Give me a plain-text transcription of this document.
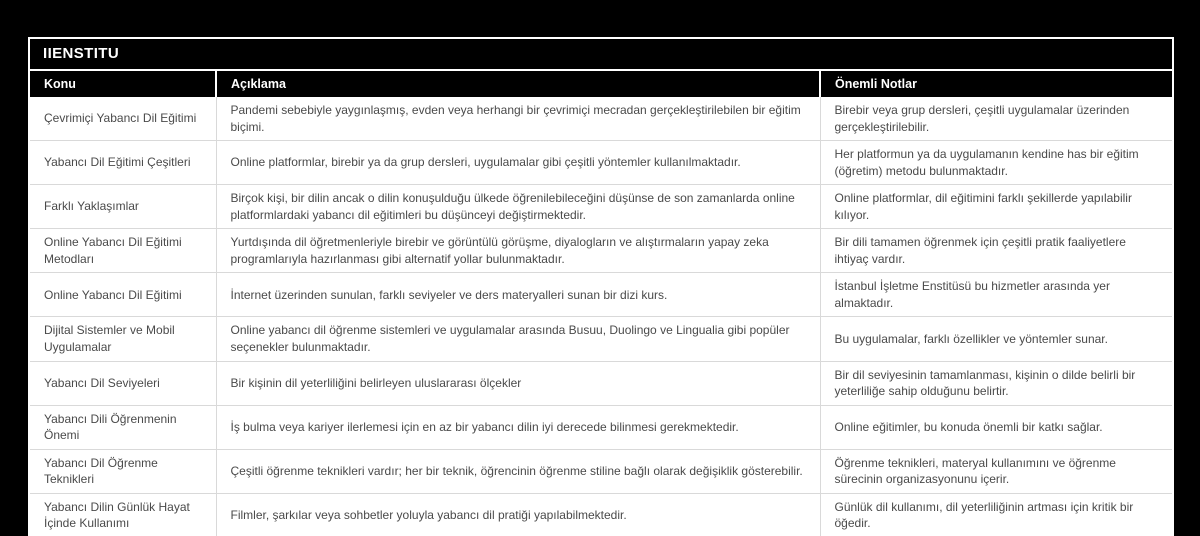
IIENSTITU
Konu	Açıklama	Önemli Notlar
Çevrimiçi Yabancı Dil Eğitimi	Pandemi sebebiyle yaygınlaşmış, evden veya herhangi bir çevrimiçi mecradan gerçekleştirilebilen bir eğitim biçimi.	Birebir veya grup dersleri, çeşitli uygulamalar üzerinden gerçekleştirilebilir.
Yabancı Dil Eğitimi Çeşitleri	Online platformlar, birebir ya da grup dersleri, uygulamalar gibi çeşitli yöntemler kullanılmaktadır.	Her platformun ya da uygulamanın kendine has bir eğitim (öğretim) metodu bulunmaktadır.
Farklı Yaklaşımlar	Birçok kişi, bir dilin ancak o dilin konuşulduğu ülkede öğrenilebileceğini düşünse de son zamanlarda online platformlardaki yabancı dil eğitimleri bu düşünceyi değiştirmektedir.	Online platformlar, dil eğitimini farklı şekillerde yapılabilir kılıyor.
Online Yabancı Dil Eğitimi Metodları	Yurtdışında dil öğretmenleriyle birebir ve görüntülü görüşme, diyalogların ve alıştırmaların yapay zeka programlarıyla hazırlanması gibi alternatif yollar bulunmaktadır.	Bir dili tamamen öğrenmek için çeşitli pratik faaliyetlere ihtiyaç vardır.
Online Yabancı Dil Eğitimi	İnternet üzerinden sunulan, farklı seviyeler ve ders materyalleri sunan bir dizi kurs.	İstanbul İşletme Enstitüsü bu hizmetler arasında yer almaktadır.
Dijital Sistemler ve Mobil Uygulamalar	Online yabancı dil öğrenme sistemleri ve uygulamalar arasında Busuu, Duolingo ve Lingualia gibi popüler seçenekler bulunmaktadır.	Bu uygulamalar, farklı özellikler ve yöntemler sunar.
Yabancı Dil Seviyeleri	Bir kişinin dil yeterliliğini belirleyen uluslararası ölçekler	Bir dil seviyesinin tamamlanması, kişinin o dilde belirli bir yeterliliğe sahip olduğunu belirtir.
Yabancı Dili Öğrenmenin Önemi	İş bulma veya kariyer ilerlemesi için en az bir yabancı dilin iyi derecede bilinmesi gerekmektedir.	Online eğitimler, bu konuda önemli bir katkı sağlar.
Yabancı Dil Öğrenme Teknikleri	Çeşitli öğrenme teknikleri vardır; her bir teknik, öğrencinin öğrenme stiline bağlı olarak değişiklik gösterebilir.	Öğrenme teknikleri, materyal kullanımını ve öğrenme sürecinin organizasyonunu içerir.
Yabancı Dilin Günlük Hayat İçinde Kullanımı	Filmler, şarkılar veya sohbetler yoluyla yabancı dil pratiği yapılabilmektedir.	Günlük dil kullanımı, dil yeterliliğinin artması için kritik bir öğedir.
